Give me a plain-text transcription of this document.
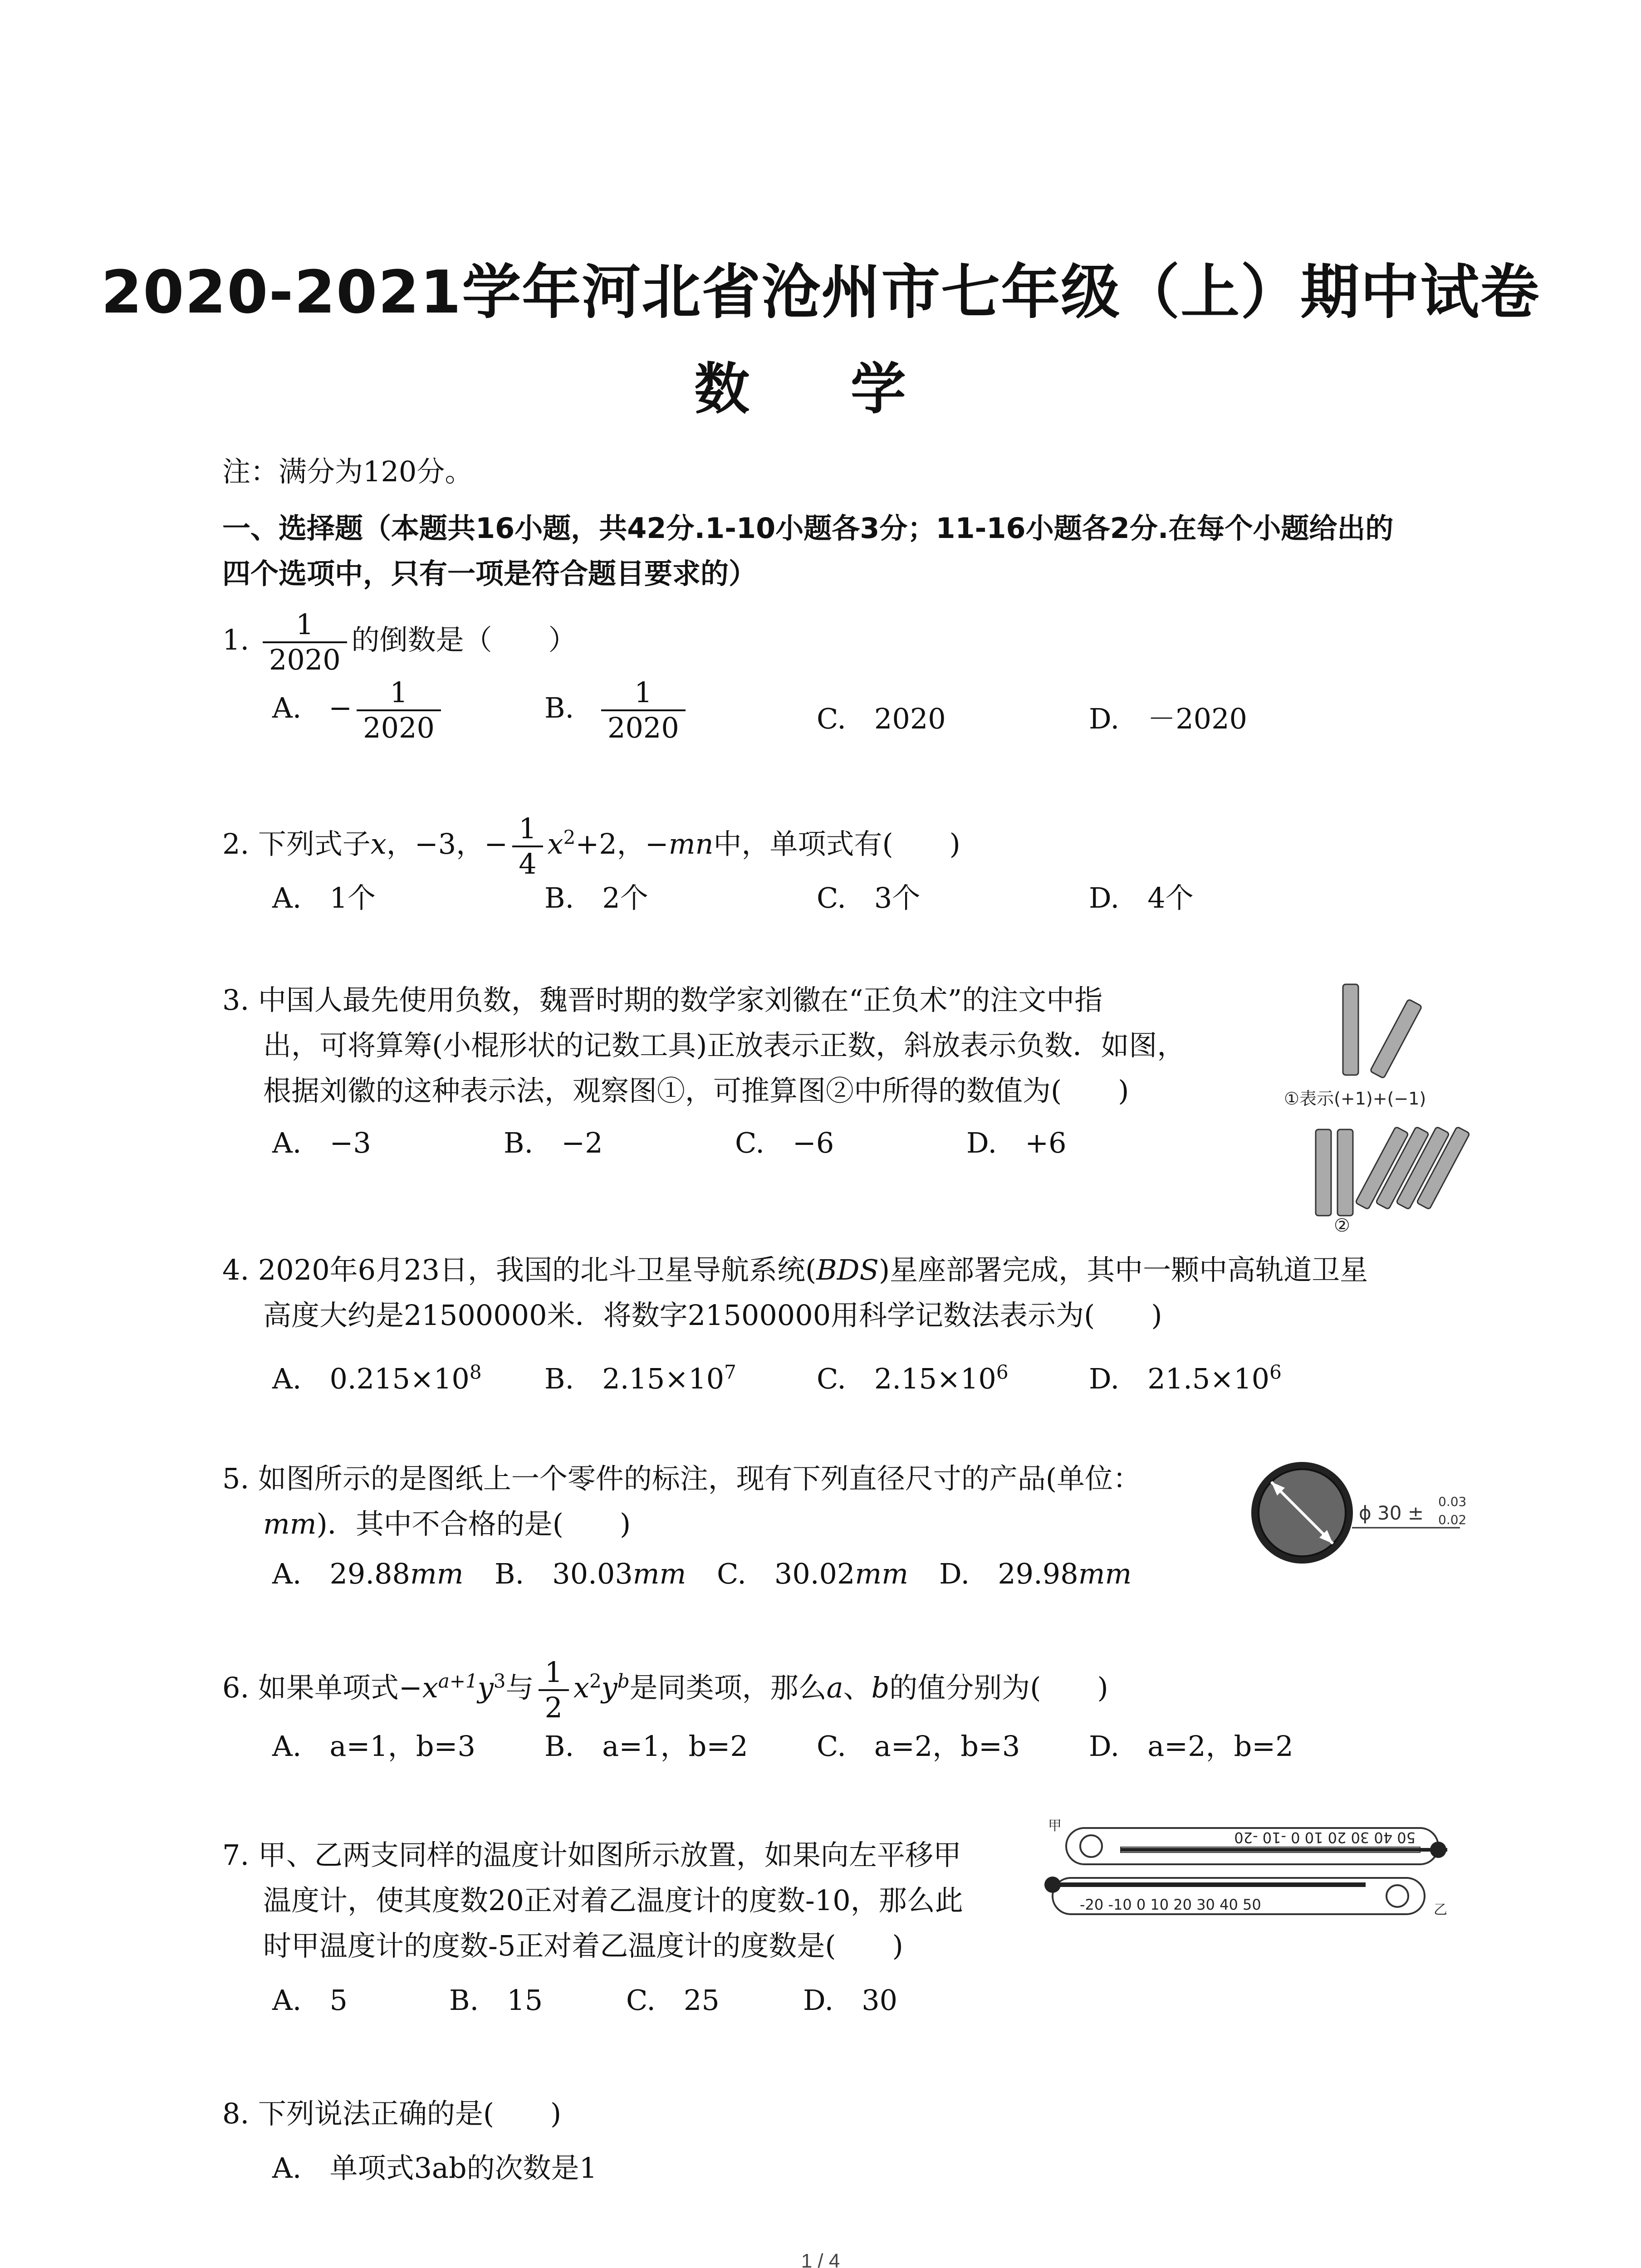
2020-2021学年河北省沧州市七年级（上）期中试卷
数 学
注：满分为120分。
一、选择题（本题共16小题，共42分.1-10小题各3分；11-16小题各2分.在每个小题给出的
四个选项中，只有一项是符合题目要求的）
1. $\frac{1}{2020}$ 的倒数是（　　）
A. − $\frac{1}{2020}$	B. $\frac{1}{2020}$	C.　2020	D.　－2020
2. 下列式子x，−3，− $\frac{1}{4} x^2+2$，−mn中，单项式有(　　)
A.　1个	B.　2个	C.　3个	D.　4个
3. 中国人最先使用负数，魏晋时期的数学家刘徽在“正负术”的注文中指
出，可将算筹(小棍形状的记数工具)正放表示正数，斜放表示负数．如图，
根据刘徽的这种表示法，观察图①，可推算图②中所得的数值为(　　)
A.　−3	B.　−2	C.　−6	D.　+6
①表示(+1)+(−1)
②
4. 2020年6月23日，我国的北斗卫星导航系统(BDS)星座部署完成，其中一颗中高轨道卫星
高度大约是21500000米．将数字21500000用科学记数法表示为(　　)
A.　$0.215\times 10^8$ B.　$2.15\times 10^7$	C.　$2.15\times 10^6$	D.　$21.5\times 10^6$
5. 如图所示的是图纸上一个零件的标注，现有下列直径尺寸的产品(单位：
mm)．其中不合格的是(　　)
A.　29.88mm B.　30.03mm C.　30.02mm D.　29.98mm
ϕ 30 ±
0.03
0.02
6. 如果单项式$-x^{a+1}y^3$与 $\frac{1}{2} x^2y^b$是同类项，那么a、b的值分别为(　　)
A.　a=1，b=3 B.　a=1，b=2 C.　a=2，b=3 D.　a=2，b=2
7. 甲、乙两支同样的温度计如图所示放置，如果向左平移甲
温度计，使其度数20正对着乙温度计的度数-10，那么此
时甲温度计的度数-5正对着乙温度计的度数是(　　)
A.　5	B.　15	C.　25	D.　30
甲
50 40 30 20 10 0 -10 -20
-20 -10 0 10 20 30 40 50	乙
8. 下列说法正确的是(　　)
A.　单项式3ab的次数是1
1 / 4
